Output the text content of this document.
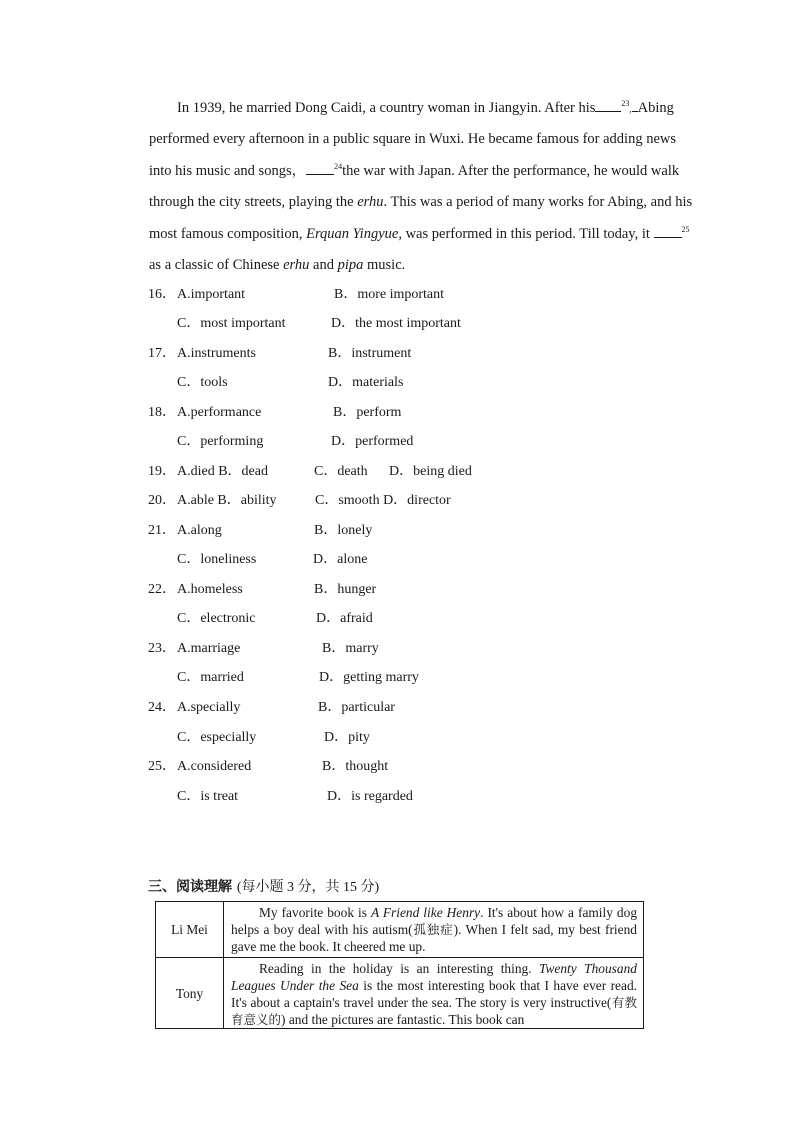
In 1939, he married Dong Caidi, a country woman in Jiangyin. After his	$^{23}$, Abing
performed every afternoon in a public square in Wuxi. He became famous for adding news
into his music and songs，	$^{24}$the war with Japan. After the performance, he would walk
through the city streets, playing the erhu. This was a period of many works for Abing, and his
most famous composition, Erquan Yingyue, was performed in this period. Till today, it	$^{25}$
as a classic of Chinese erhu and pipa music.
16． A.important	B．more important
C．most important	D．the most important
17． A.instruments	B．instrument
C．tools	D．materials
18． A.performance	B．perform
C．performing	D．performed
19． A.died B．dead	C．death D．being died
20． A.able B．ability	C．smooth D．director
21． A.along	B．lonely
C．loneliness	D．alone
22． A.homeless	B．hunger
C．electronic	D．afraid
23． A.marriage	B．marry
C．married	D．getting marry
24． A.specially	B．particular
C．especially	D．pity
25． A.considered	B．thought
C．is treat	D．is regarded
三、阅读理解 (每小题 3 分，共 15 分)
Li Mei	My favorite book is A Friend like Henry. It's about how a family dog helps a boy deal with his autism(孤独症). When I felt sad, my best friend gave me the book. It cheered me up.
Tony	Reading in the holiday is an interesting thing. Twenty Thousand Leagues Under the Sea is the most interesting book that I have ever read. It's about a captain's travel under the sea. The story is very instructive(有教育意义的) and the pictures are fantastic. This book can
